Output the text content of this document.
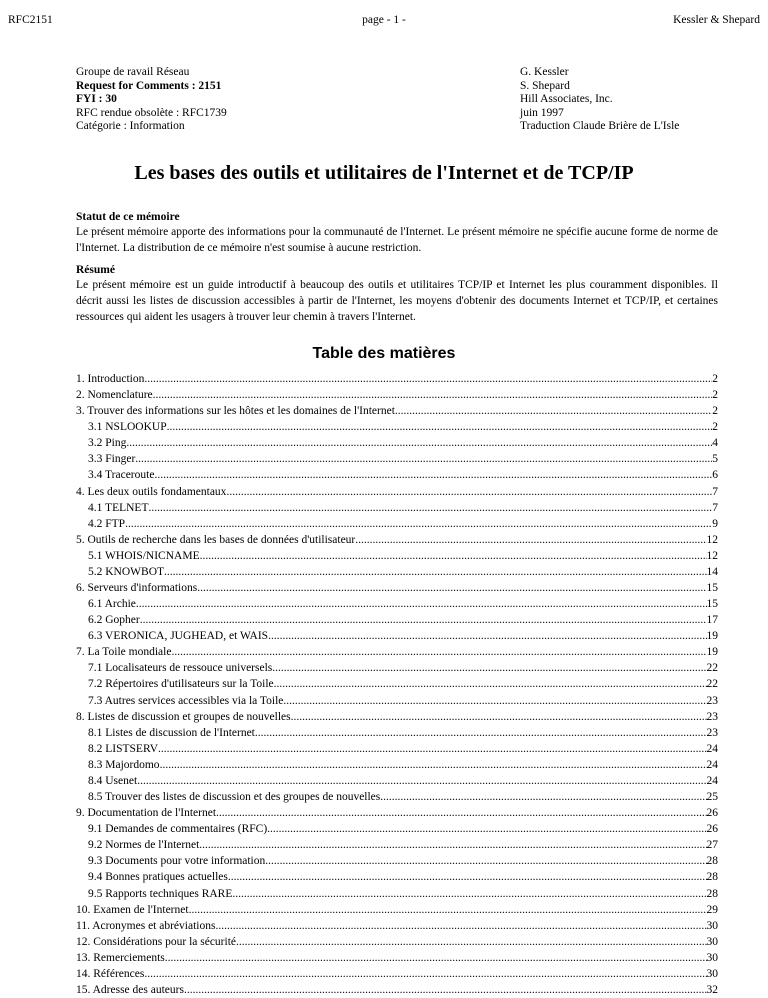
RFC2151	page - 1 -	Kessler & Shepard
Groupe de ravail Réseau
Request for Comments : 2151
FYI : 30
RFC rendue obsolète : RFC1739
Catégorie : Information
G. Kessler
S. Shepard
Hill Associates, Inc.
juin 1997
Traduction Claude Brière de L'Isle
Les bases des outils et utilitaires de l'Internet et de TCP/IP
Statut de ce mémoire
Le présent mémoire apporte des informations pour la communauté de l'Internet. Le présent mémoire ne spécifie aucune forme de norme de l'Internet. La distribution de ce mémoire n'est soumise à aucune restriction.
Résumé
Le présent mémoire est un guide introductif à beaucoup des outils et utilitaires TCP/IP et Internet les plus couramment disponibles. Il décrit aussi les listes de discussion accessibles à partir de l'Internet, les moyens d'obtenir des documents Internet et TCP/IP, et certaines ressources qui aident les usagers à trouver leur chemin à travers l'Internet.
Table des matières
1. Introduction .....	2
2. Nomenclature .....	2
3. Trouver des informations sur les hôtes et les domaines de l'Internet .....	2
3.1 NSLOOKUP .....	2
3.2 Ping .....	4
3.3 Finger .....	5
3.4 Traceroute .....	6
4. Les deux outils fondamentaux .....	7
4.1 TELNET .....	7
4.2 FTP .....	9
5. Outils de recherche dans les bases de données d'utilisateur .....	12
5.1 WHOIS/NICNAME .....	12
5.2 KNOWBOT .....	14
6. Serveurs d'informations .....	15
6.1 Archie .....	15
6.2 Gopher .....	17
6.3 VERONICA, JUGHEAD, et WAIS .....	19
7. La Toile mondiale .....	19
7.1 Localisateurs de ressouce universels .....	22
7.2 Répertoires d'utilisateurs sur la Toile .....	22
7.3 Autres services accessibles via la Toile .....	23
8. Listes de discussion et groupes de nouvelles .....	23
8.1 Listes de discussion de l'Internet .....	23
8.2 LISTSERV .....	24
8.3 Majordomo .....	24
8.4 Usenet .....	24
8.5 Trouver des listes de discussion et des groupes de nouvelles .....	25
9. Documentation de l'Internet .....	26
9.1 Demandes de commentaires (RFC) .....	26
9.2 Normes de l'Internet .....	27
9.3 Documents pour votre information .....	28
9.4 Bonnes pratiques actuelles .....	28
9.5 Rapports techniques RARE .....	28
10. Examen de l'Internet .....	29
11. Acronymes et abréviations .....	30
12. Considérations pour la sécurité .....	30
13. Remerciements .....	30
14. Références .....	30
15. Adresse des auteurs .....	32
